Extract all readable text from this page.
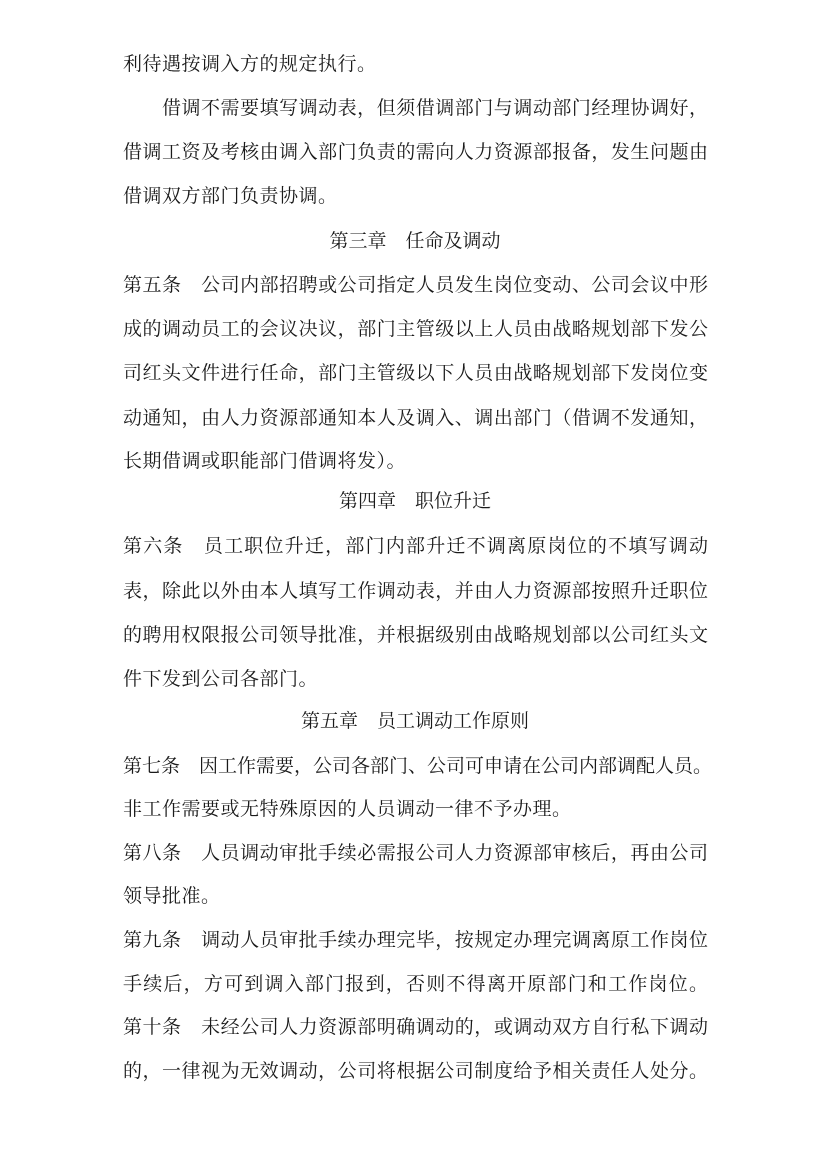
利待遇按调入方的规定执行。
借调不需要填写调动表，但须借调部门与调动部门经理协调好，
借调工资及考核由调入部门负责的需向人力资源部报备，发生问题由
借调双方部门负责协调。
第三章　任命及调动
第五条　公司内部招聘或公司指定人员发生岗位变动、公司会议中形
成的调动员工的会议决议，部门主管级以上人员由战略规划部下发公
司红头文件进行任命，部门主管级以下人员由战略规划部下发岗位变
动通知，由人力资源部通知本人及调入、调出部门（借调不发通知，
长期借调或职能部门借调将发）。
第四章　职位升迁
第六条　员工职位升迁，部门内部升迁不调离原岗位的不填写调动
表，除此以外由本人填写工作调动表，并由人力资源部按照升迁职位
的聘用权限报公司领导批准，并根据级别由战略规划部以公司红头文
件下发到公司各部门。
第五章　员工调动工作原则
第七条　因工作需要，公司各部门、公司可申请在公司内部调配人员。
非工作需要或无特殊原因的人员调动一律不予办理。
第八条　人员调动审批手续必需报公司人力资源部审核后，再由公司
领导批准。
第九条　调动人员审批手续办理完毕，按规定办理完调离原工作岗位
手续后，方可到调入部门报到，否则不得离开原部门和工作岗位。
第十条　未经公司人力资源部明确调动的，或调动双方自行私下调动
的，一律视为无效调动，公司将根据公司制度给予相关责任人处分。
